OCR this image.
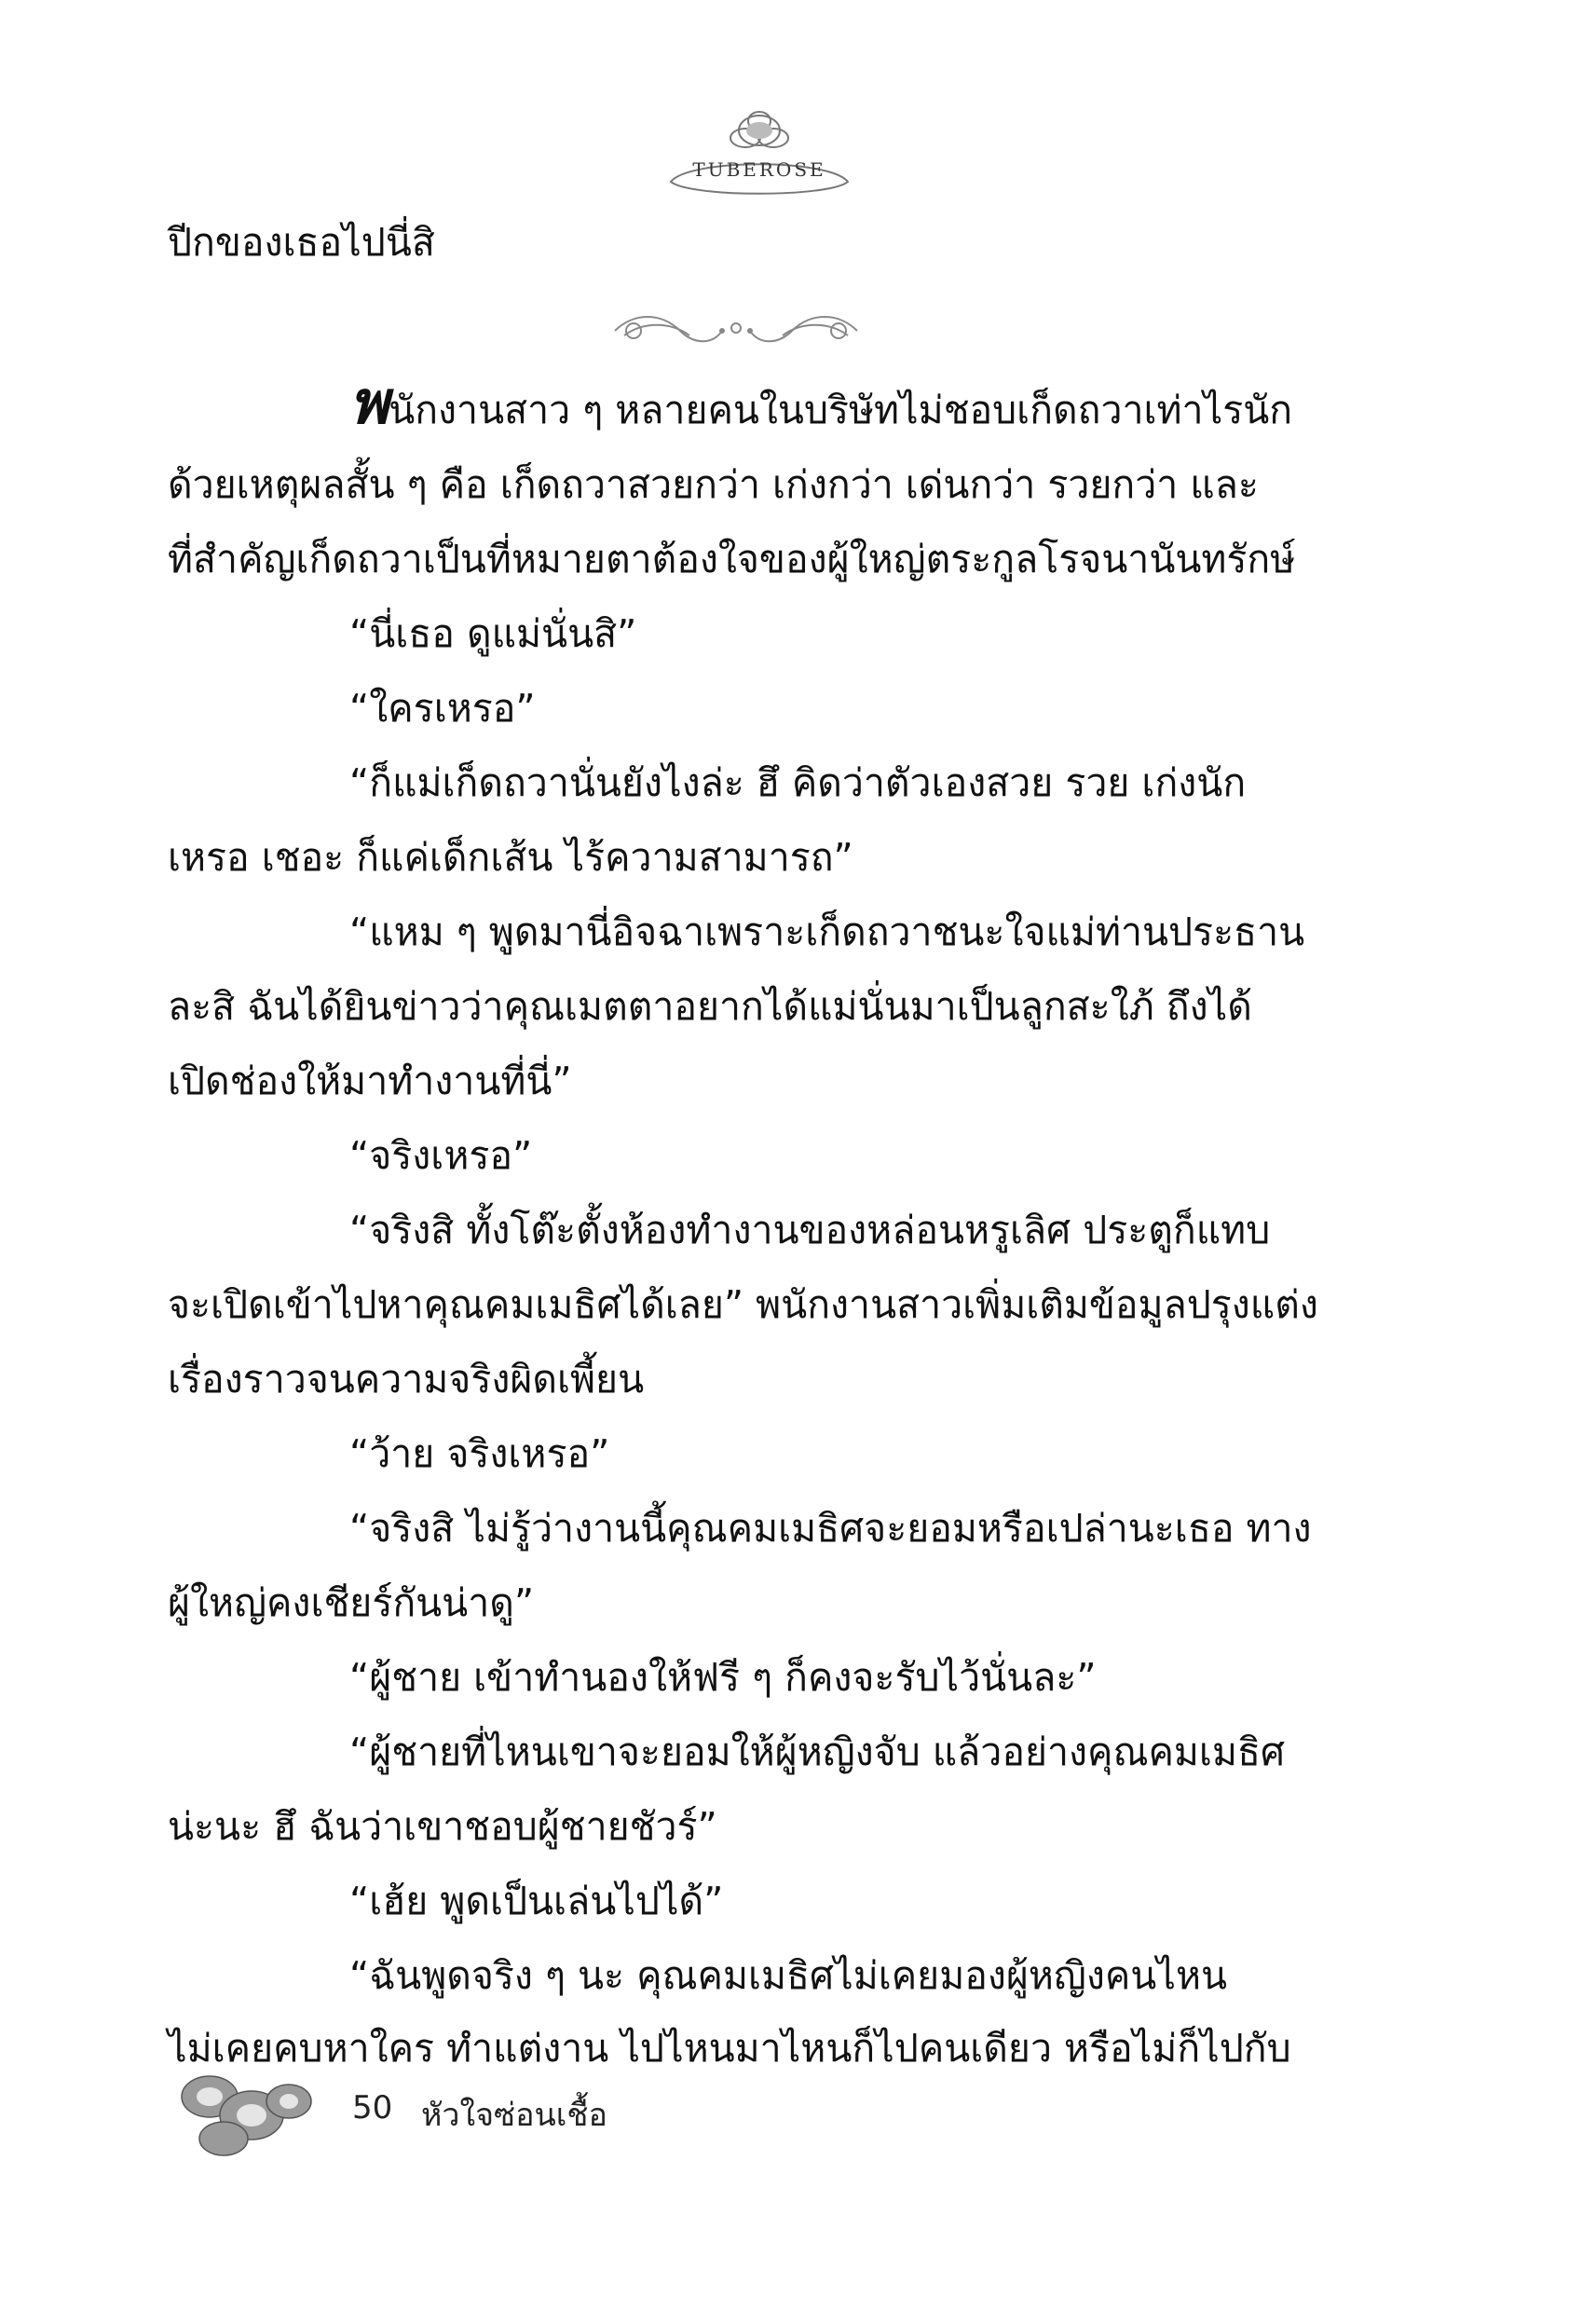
TUBEROSE
ปีกของเธอไปนี่สิ
พนักงานสาว ๆ หลายคนในบริษัทไม่ชอบเก็ดถวาเท่าไรนัก
ด้วยเหตุผลสั้น ๆ คือ เก็ดถวาสวยกว่า เก่งกว่า เด่นกว่า รวยกว่า และ
ที่สำคัญเก็ดถวาเป็นที่หมายตาต้องใจของผู้ใหญ่ตระกูลโรจนานันทรักษ์
“นี่เธอ ดูแม่นั่นสิ”
“ใครเหรอ”
“ก็แม่เก็ดถวานั่นยังไงล่ะ ฮึ คิดว่าตัวเองสวย รวย เก่งนัก
เหรอ เชอะ ก็แค่เด็กเส้น ไร้ความสามารถ”
“แหม ๆ พูดมานี่อิจฉาเพราะเก็ดถวาชนะใจแม่ท่านประธาน
ละสิ ฉันได้ยินข่าวว่าคุณเมตตาอยากได้แม่นั่นมาเป็นลูกสะใภ้ ถึงได้
เปิดช่องให้มาทำงานที่นี่”
“จริงเหรอ”
“จริงสิ ทั้งโต๊ะตั้งห้องทำงานของหล่อนหรูเลิศ ประตูก็แทบ
จะเปิดเข้าไปหาคุณคมเมธิศได้เลย” พนักงานสาวเพิ่มเติมข้อมูลปรุงแต่ง
เรื่องราวจนความจริงผิดเพี้ยน
“ว้าย จริงเหรอ”
“จริงสิ ไม่รู้ว่างานนี้คุณคมเมธิศจะยอมหรือเปล่านะเธอ ทาง
ผู้ใหญ่คงเชียร์กันน่าดู”
“ผู้ชาย เข้าทำนองให้ฟรี ๆ ก็คงจะรับไว้นั่นละ”
“ผู้ชายที่ไหนเขาจะยอมให้ผู้หญิงจับ แล้วอย่างคุณคมเมธิศ
น่ะนะ ฮึ ฉันว่าเขาชอบผู้ชายชัวร์”
“เฮ้ย พูดเป็นเล่นไปได้”
“ฉันพูดจริง ๆ นะ คุณคมเมธิศไม่เคยมองผู้หญิงคนไหน
50 หัวใจซ่อนเชื้อ
ไม่เคยคบหาใคร ทำแต่งาน ไปไหนมาไหนก็ไปคนเดียว หรือไม่ก็ไปกับ
